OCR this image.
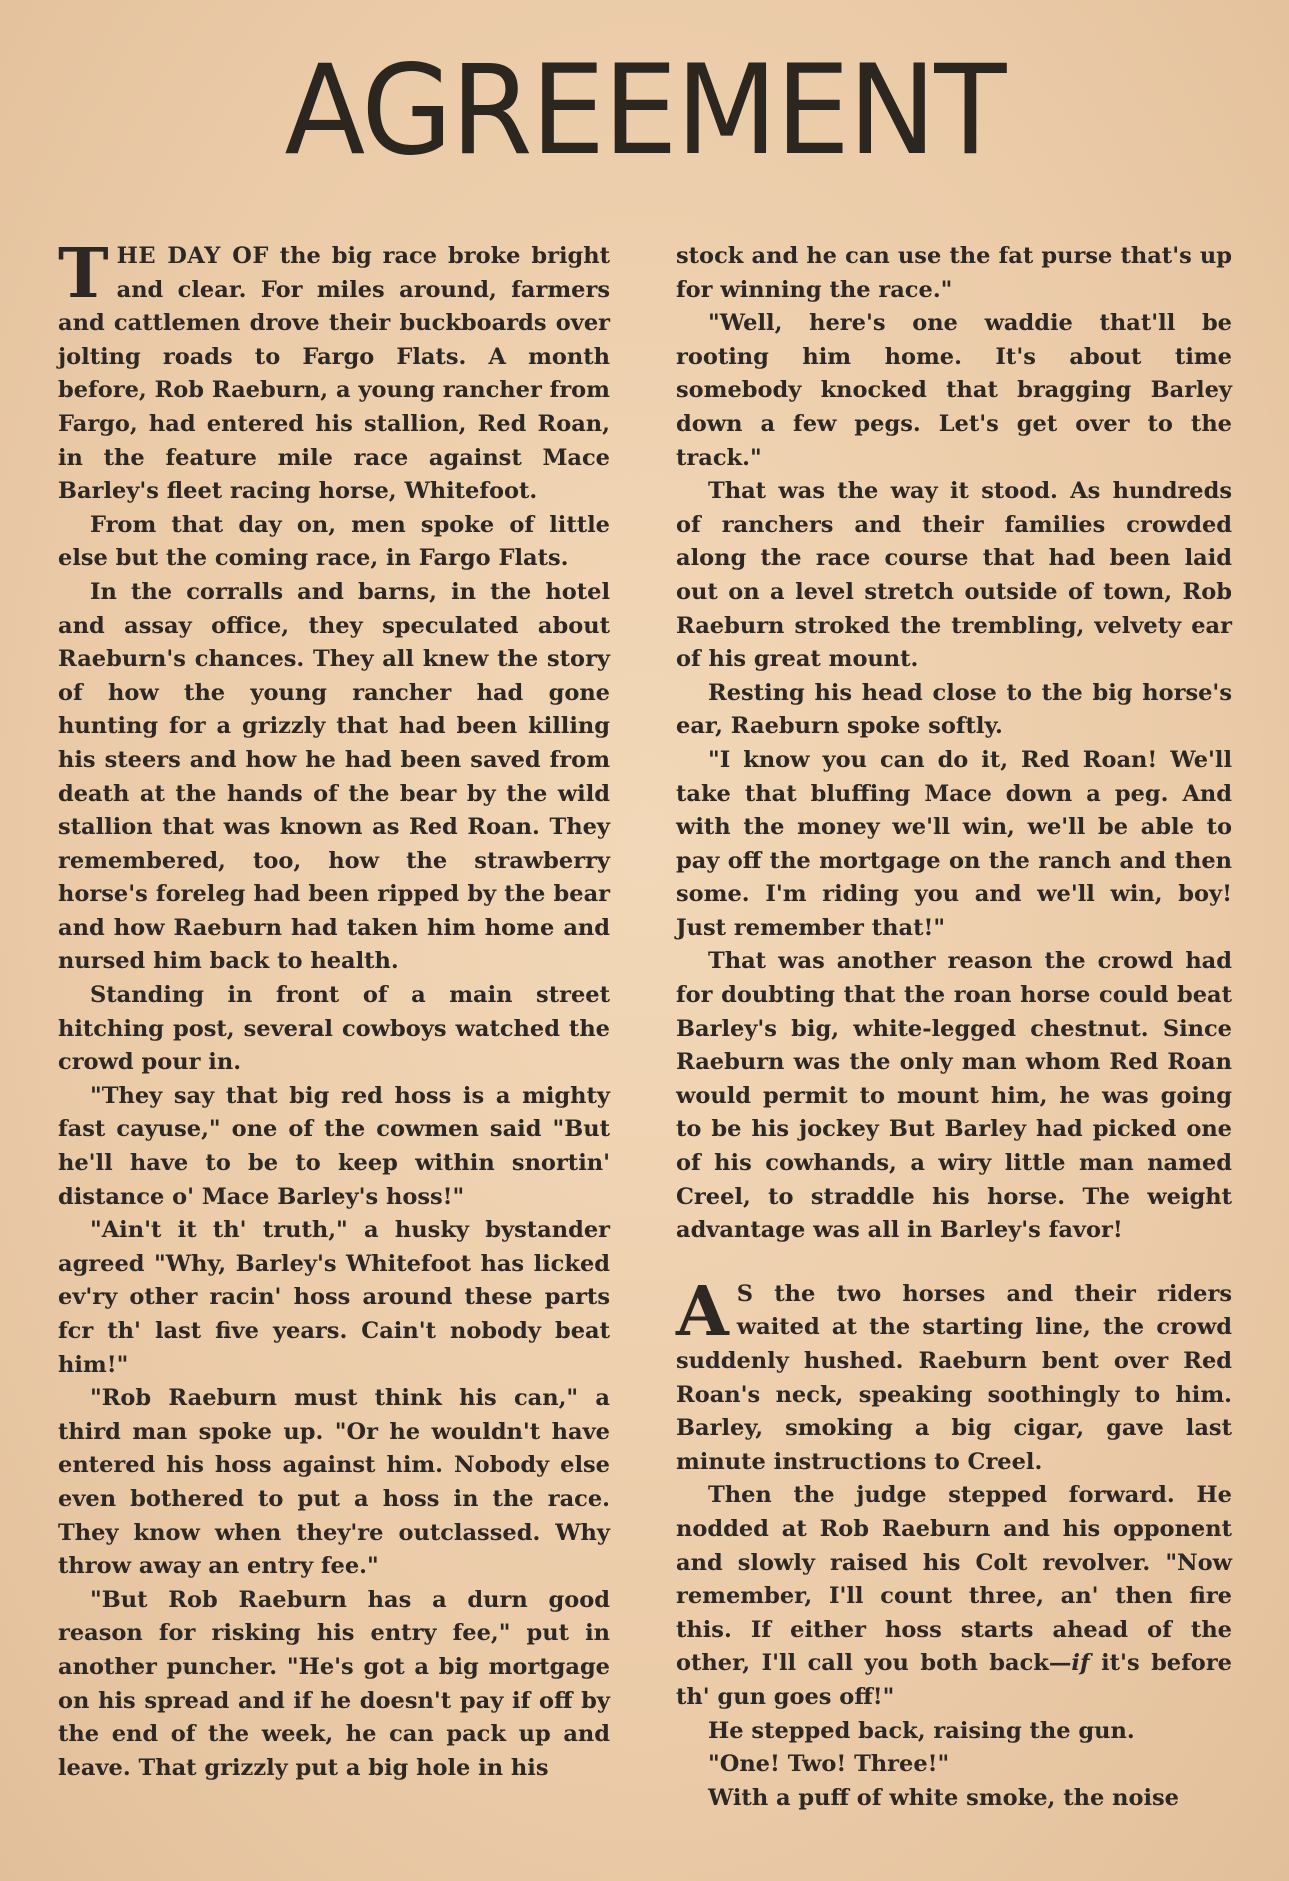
AGREEMENT

THE DAY OF the big race broke bright and clear. For miles around, farmers and cattlemen drove their buckboards over jolting roads to Fargo Flats. A month before, Rob Raeburn, a young rancher from Fargo, had entered his stallion, Red Roan, in the feature mile race against Mace Barley's fleet racing horse, Whitefoot.

From that day on, men spoke of little else but the coming race, in Fargo Flats.

In the corralls and barns, in the hotel and assay office, they speculated about Raeburn's chances. They all knew the story of how the young rancher had gone hunting for a grizzly that had been killing his steers and how he had been saved from death at the hands of the bear by the wild stallion that was known as Red Roan. They remembered, too, how the strawberry horse's foreleg had been ripped by the bear and how Raeburn had taken him home and nursed him back to health.

Standing in front of a main street hitching post, several cowboys watched the crowd pour in.

"They say that big red hoss is a mighty fast cayuse," one of the cowmen said "But he'll have to be to keep within snortin' distance o' Mace Barley's hoss!"

"Ain't it th' truth," a husky bystander agreed "Why, Barley's Whitefoot has licked ev'ry other racin' hoss around these parts fcr th' last five years. Cain't nobody beat him!"

"Rob Raeburn must think his can," a third man spoke up. "Or he wouldn't have entered his hoss against him. Nobody else even bothered to put a hoss in the race. They know when they're outclassed. Why throw away an entry fee."

"But Rob Raeburn has a durn good reason for risking his entry fee," put in another puncher. "He's got a big mortgage on his spread and if he doesn't pay if off by the end of the week, he can pack up and leave. That grizzly put a big hole in his

stock and he can use the fat purse that's up for winning the race."

"Well, here's one waddie that'll be rooting him home. It's about time somebody knocked that bragging Barley down a few pegs. Let's get over to the track."

That was the way it stood. As hundreds of ranchers and their families crowded along the race course that had been laid out on a level stretch outside of town, Rob Raeburn stroked the trembling, velvety ear of his great mount.

Resting his head close to the big horse's ear, Raeburn spoke softly.

"I know you can do it, Red Roan! We'll take that bluffing Mace down a peg. And with the money we'll win, we'll be able to pay off the mortgage on the ranch and then some. I'm riding you and we'll win, boy! Just remember that!"

That was another reason the crowd had for doubting that the roan horse could beat Barley's big, white-legged chestnut. Since Raeburn was the only man whom Red Roan would permit to mount him, he was going to be his jockey But Barley had picked one of his cowhands, a wiry little man named Creel, to straddle his horse. The weight advantage was all in Barley's favor!

A S the two horses and their riders waited at the starting line, the crowd suddenly hushed. Raeburn bent over Red Roan's neck, speaking soothingly to him. Barley, smoking a big cigar, gave last minute instructions to Creel.

Then the judge stepped forward. He nodded at Rob Raeburn and his opponent and slowly raised his Colt revolver. "Now remember, I'll count three, an' then fire this. If either hoss starts ahead of the other, I'll call you both back—if it's before th' gun goes off!"

He stepped back, raising the gun.

"One! Two! Three!"

With a puff of white smoke, the noise
